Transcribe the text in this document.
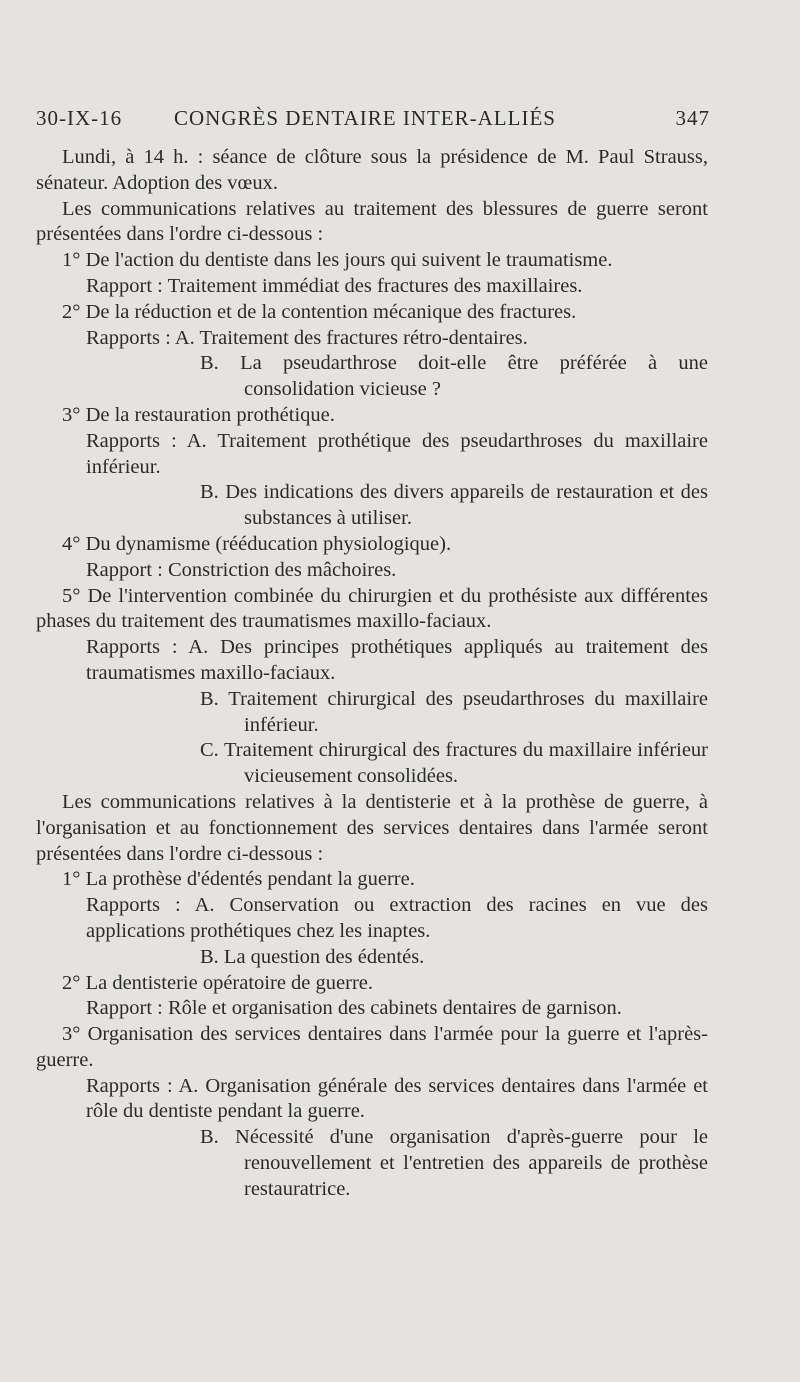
30-IX-16 CONGRÈS DENTAIRE INTER-ALLIÉS	347

Lundi, à 14 h. : séance de clôture sous la présidence de M. Paul Strauss, sénateur. Adoption des vœux.

Les communications relatives au traitement des blessures de guerre seront présentées dans l'ordre ci-dessous :

1° De l'action du dentiste dans les jours qui suivent le traumatisme.

Rapport : Traitement immédiat des fractures des maxillaires.

2° De la réduction et de la contention mécanique des fractures.

Rapports : A. Traitement des fractures rétro-dentaires.

B. La pseudarthrose doit-elle être préférée à une consolidation vicieuse ?

3° De la restauration prothétique.

Rapports : A. Traitement prothétique des pseudarthroses du maxillaire inférieur.

B. Des indications des divers appareils de restauration et des substances à utiliser.

4° Du dynamisme (rééducation physiologique).

Rapport : Constriction des mâchoires.

5° De l'intervention combinée du chirurgien et du prothésiste aux différentes phases du traitement des traumatismes maxillo-faciaux.

Rapports : A. Des principes prothétiques appliqués au traitement des traumatismes maxillo-faciaux.

B. Traitement chirurgical des pseudarthroses du maxillaire inférieur.

C. Traitement chirurgical des fractures du maxillaire inférieur vicieusement consolidées.

Les communications relatives à la dentisterie et à la prothèse de guerre, à l'organisation et au fonctionnement des services dentaires dans l'armée seront présentées dans l'ordre ci-dessous :

1° La prothèse d'édentés pendant la guerre.

Rapports : A. Conservation ou extraction des racines en vue des applications prothétiques chez les inaptes.

B. La question des édentés.

2° La dentisterie opératoire de guerre.

Rapport : Rôle et organisation des cabinets dentaires de garnison.

3° Organisation des services dentaires dans l'armée pour la guerre et l'après-guerre.

Rapports : A. Organisation générale des services dentaires dans l'armée et rôle du dentiste pendant la guerre.

B. Nécessité d'une organisation d'après-guerre pour le renouvellement et l'entretien des appareils de prothèse restauratrice.
